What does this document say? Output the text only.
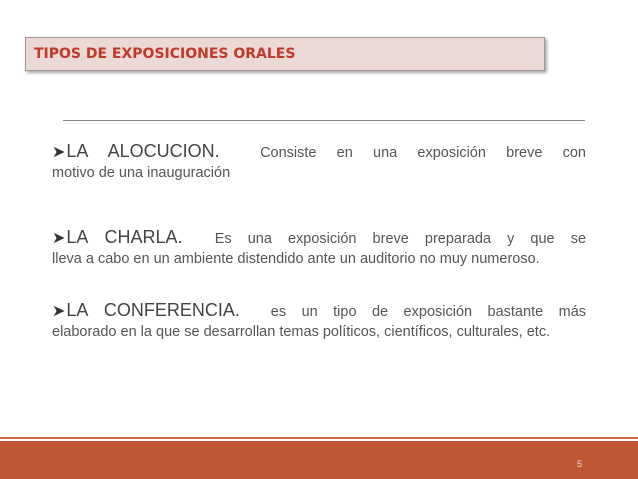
TIPOS DE EXPOSICIONES ORALES
➤LA ALOCUCION.	Consiste en una exposición breve con
motivo de una inauguración
➤LA CHARLA. Es una exposición breve preparada y que se
lleva a cabo en un ambiente distendido ante un auditorio no muy numeroso.
➤LA CONFERENCIA. es un tipo de exposición bastante más
elaborado en la que se desarrollan temas políticos, científicos, culturales, etc.
5
